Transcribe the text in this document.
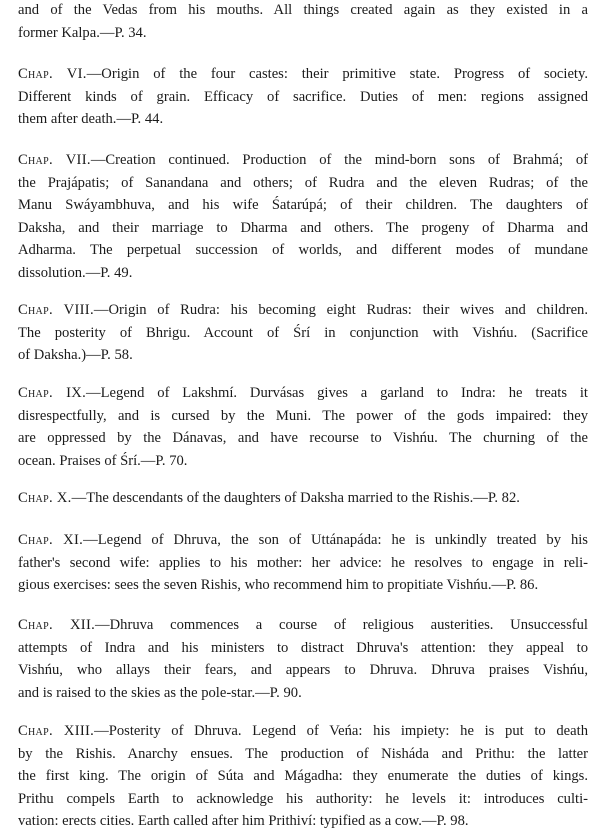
and of the Vedas from his mouths. All things created again as they existed in a
former Kalpa.—P. 34.
Chap. VI.—Origin of the four castes: their primitive state. Progress of society.
Different kinds of grain. Efficacy of sacrifice. Duties of men: regions assigned
them after death.—P. 44.
Chap. VII.—Creation continued. Production of the mind-born sons of Brahmá; of
the Prajápatis; of Sanandana and others; of Rudra and the eleven Rudras; of the
Manu Swáyambhuva, and his wife Śatarúpá; of their children. The daughters of
Daksha, and their marriage to Dharma and others. The progeny of Dharma and
Adharma. The perpetual succession of worlds, and different modes of mundane
dissolution.—P. 49.
Chap. VIII.—Origin of Rudra: his becoming eight Rudras: their wives and children.
The posterity of Bhrigu. Account of Śrí in conjunction with Vishńu. (Sacrifice
of Daksha.)—P. 58.
Chap. IX.—Legend of Lakshmí. Durvásas gives a garland to Indra: he treats it
disrespectfully, and is cursed by the Muni. The power of the gods impaired: they
are oppressed by the Dánavas, and have recourse to Vishńu. The churning of the
ocean. Praises of Śrí.—P. 70.
Chap. X.—The descendants of the daughters of Daksha married to the Rishis.—P. 82.
Chap. XI.—Legend of Dhruva, the son of Uttánapáda: he is unkindly treated by his
father's second wife: applies to his mother: her advice: he resolves to engage in reli-
gious exercises: sees the seven Rishis, who recommend him to propitiate Vishńu.—P. 86.
Chap. XII.—Dhruva commences a course of religious austerities. Unsuccessful
attempts of Indra and his ministers to distract Dhruva's attention: they appeal to
Vishńu, who allays their fears, and appears to Dhruva. Dhruva praises Vishńu,
and is raised to the skies as the pole-star.—P. 90.
Chap. XIII.—Posterity of Dhruva. Legend of Veńa: his impiety: he is put to death
by the Rishis. Anarchy ensues. The production of Nisháda and Prithu: the latter
the first king. The origin of Súta and Mágadha: they enumerate the duties of kings.
Prithu compels Earth to acknowledge his authority: he levels it: introduces culti-
vation: erects cities. Earth called after him Prithiví: typified as a cow.—P. 98.
